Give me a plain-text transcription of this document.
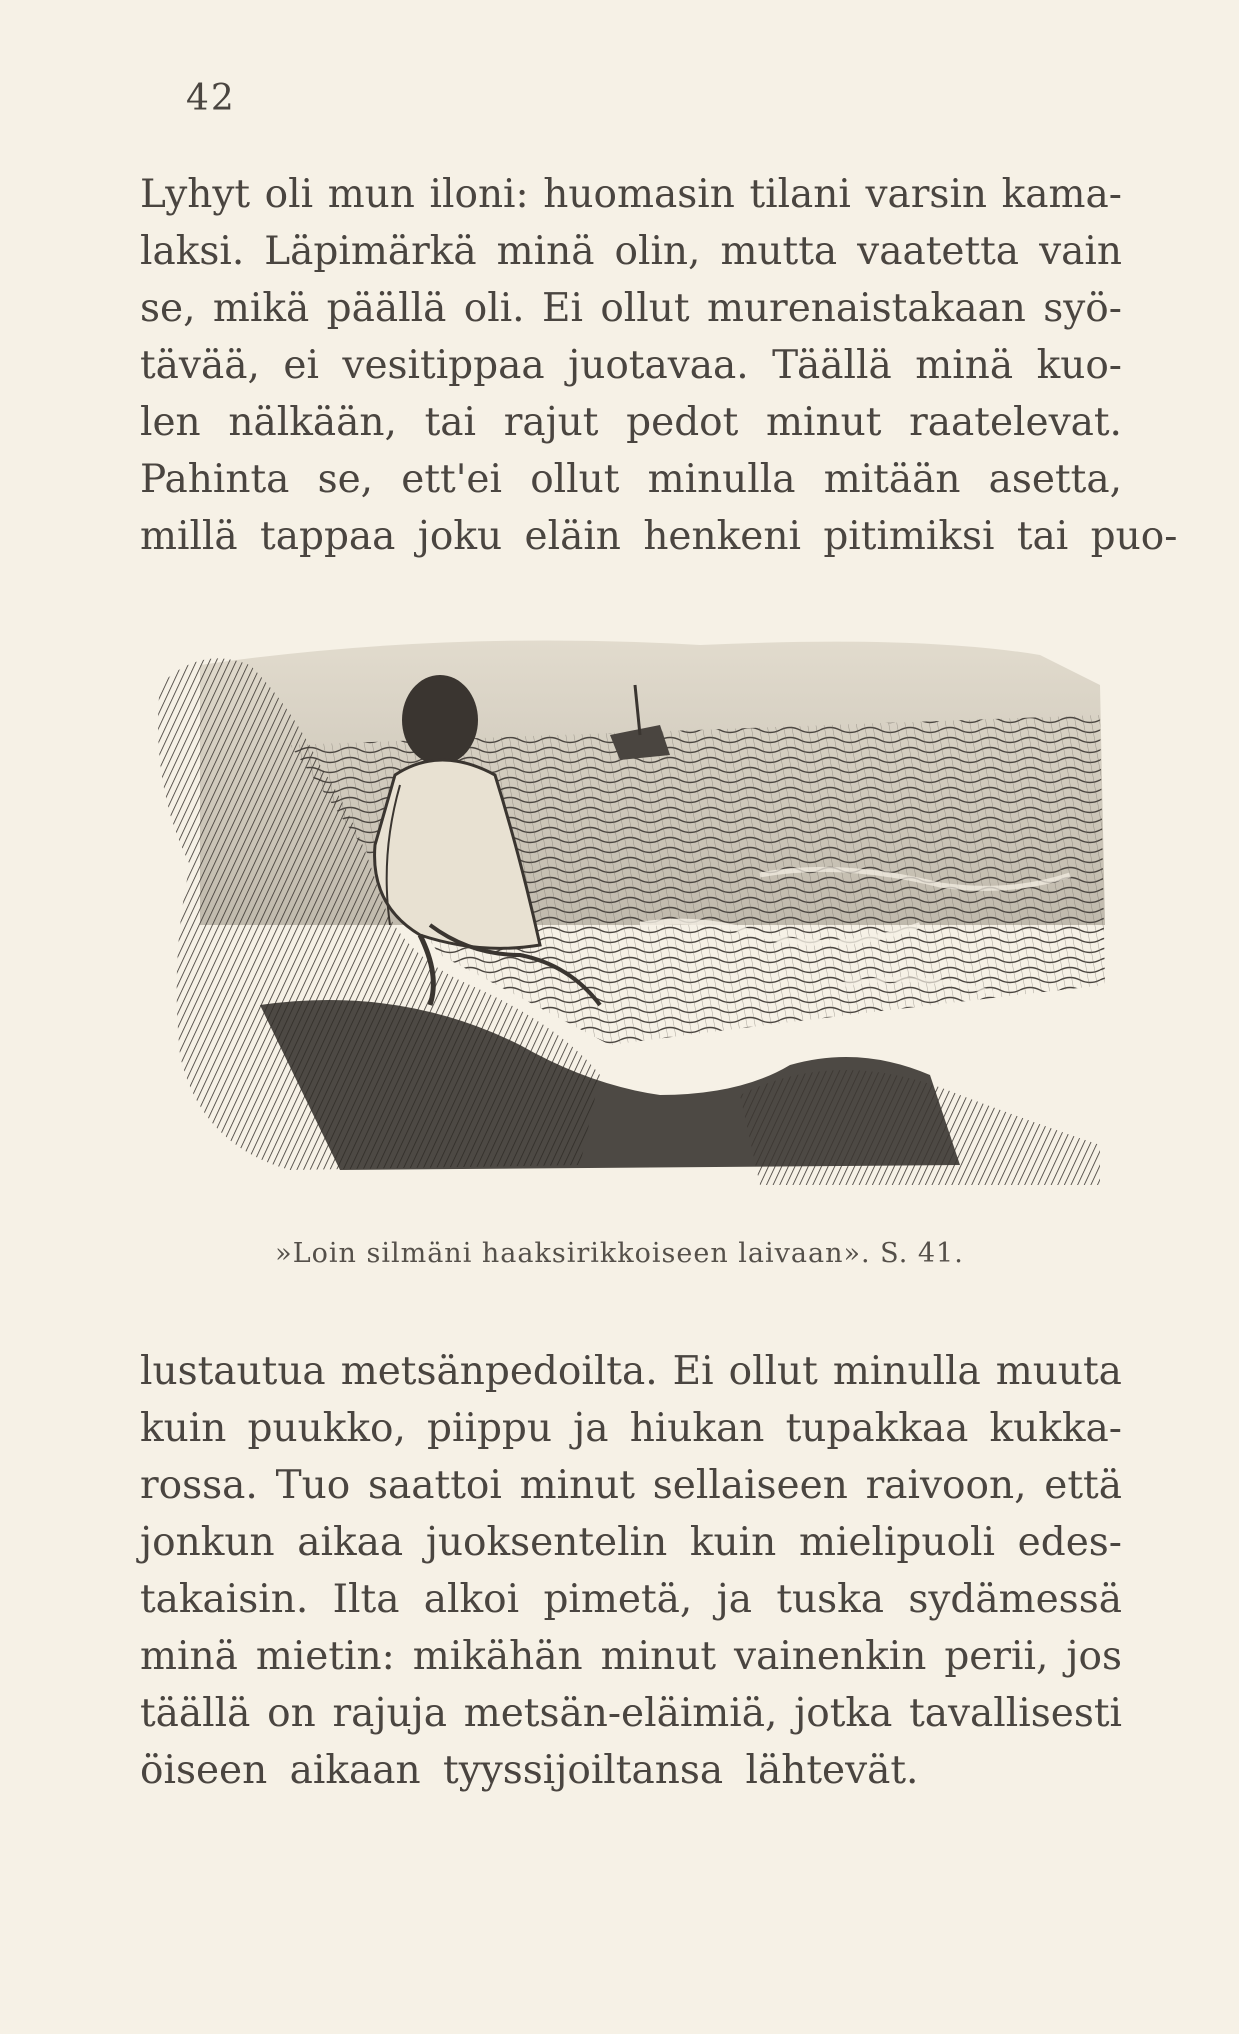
42
Lyhyt oli mun iloni: huomasin tilani varsin kama-
laksi. Läpimärkä minä olin, mutta vaatetta vain
se, mikä päällä oli. Ei ollut murenaistakaan syö-
tävää, ei vesitippaa juotavaa. Täällä minä kuo-
len nälkään, tai rajut pedot minut raatelevat.
Pahinta se, ett'ei ollut minulla mitään asetta,
millä tappaa joku eläin henkeni pitimiksi tai puo-
»Loin silmäni haaksirikkoiseen laivaan». S. 41.
lustautua metsänpedoilta. Ei ollut minulla muuta
kuin puukko, piippu ja hiukan tupakkaa kukka-
rossa. Tuo saattoi minut sellaiseen raivoon, että
jonkun aikaa juoksentelin kuin mielipuoli edes-
takaisin. Ilta alkoi pimetä, ja tuska sydämessä
minä mietin: mikähän minut vainenkin perii, jos
täällä on rajuja metsän-eläimiä, jotka tavallisesti
öiseen aikaan tyyssijoiltansa lähtevät.
